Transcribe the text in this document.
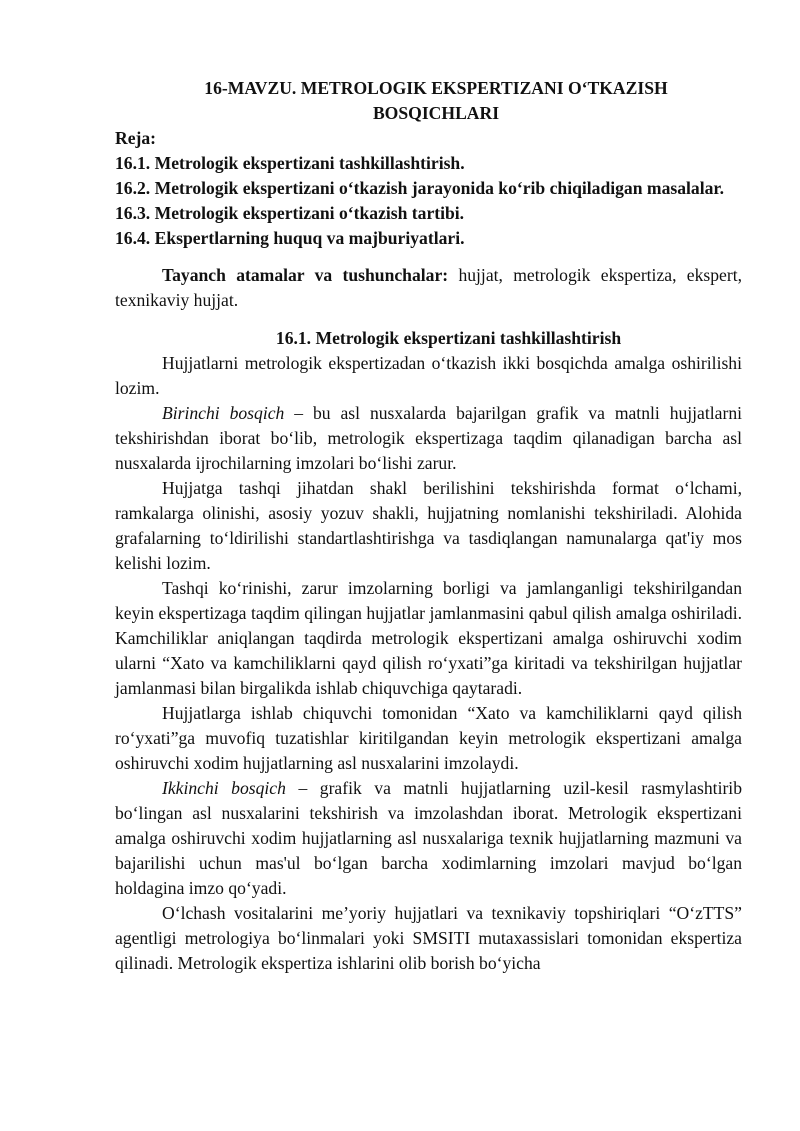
16-MAVZU. METROLOGIK EKSPERTIZANI O‘TKAZISH
BOSQICHLARI

Reja:

16.1. Metrologik ekspertizani tashkillashtirish.

16.2. Metrologik ekspertizani o‘tkazish jarayonida ko‘rib chiqiladigan masalalar.

16.3. Metrologik ekspertizani o‘tkazish tartibi.

16.4. Ekspertlarning huquq va majburiyatlari.

Tayanch atamalar va tushunchalar: hujjat, metrologik ekspertiza, ekspert, texnikaviy hujjat.

16.1. Metrologik ekspertizani tashkillashtirish

Hujjatlarni metrologik ekspertizadan o‘tkazish ikki bosqichda amalga oshirilishi lozim.

Birinchi bosqich – bu asl nusxalarda bajarilgan grafik va matnli hujjatlarni tekshirishdan iborat bo‘lib, metrologik ekspertizaga taqdim qilanadigan barcha asl nusxalarda ijrochilarning imzolari bo‘lishi zarur.

Hujjatga tashqi jihatdan shakl berilishini tekshirishda format o‘lchami, ramkalarga olinishi, asosiy yozuv shakli, hujjatning nomlanishi tekshiriladi. Alohida grafalarning to‘ldirilishi standartlashtirishga va tasdiqlangan namunalarga qat'iy mos kelishi lozim.

Tashqi ko‘rinishi, zarur imzolarning borligi va jamlanganligi tekshirilgandan keyin ekspertizaga taqdim qilingan hujjatlar jamlanmasini qabul qilish amalga oshiriladi. Kamchiliklar aniqlangan taqdirda metrologik ekspertizani amalga oshiruvchi xodim ularni “Xato va kamchiliklarni qayd qilish ro‘yxati”ga kiritadi va tekshirilgan hujjatlar jamlanmasi bilan birgalikda ishlab chiquvchiga qaytaradi.

Hujjatlarga ishlab chiquvchi tomonidan “Xato va kamchiliklarni qayd qilish ro‘yxati”ga muvofiq tuzatishlar kiritilgandan keyin metrologik ekspertizani amalga oshiruvchi xodim hujjatlarning asl nusxalarini imzolaydi.

Ikkinchi bosqich – grafik va matnli hujjatlarning uzil-kesil rasmylashtirib bo‘lingan asl nusxalarini tekshirish va imzolashdan iborat. Metrologik ekspertizani amalga oshiruvchi xodim hujjatlarning asl nusxalariga texnik hujjatlarning mazmuni va bajarilishi uchun mas'ul bo‘lgan barcha xodimlarning imzolari mavjud bo‘lgan holdagina imzo qo‘yadi.

O‘lchash vositalarini me’yoriy hujjatlari va texnikaviy topshiriqlari “O‘zTTS” agentligi metrologiya bo‘linmalari yoki SMSITI mutaxassislari tomonidan ekspertiza qilinadi. Metrologik ekspertiza ishlarini olib borish bo‘yicha
